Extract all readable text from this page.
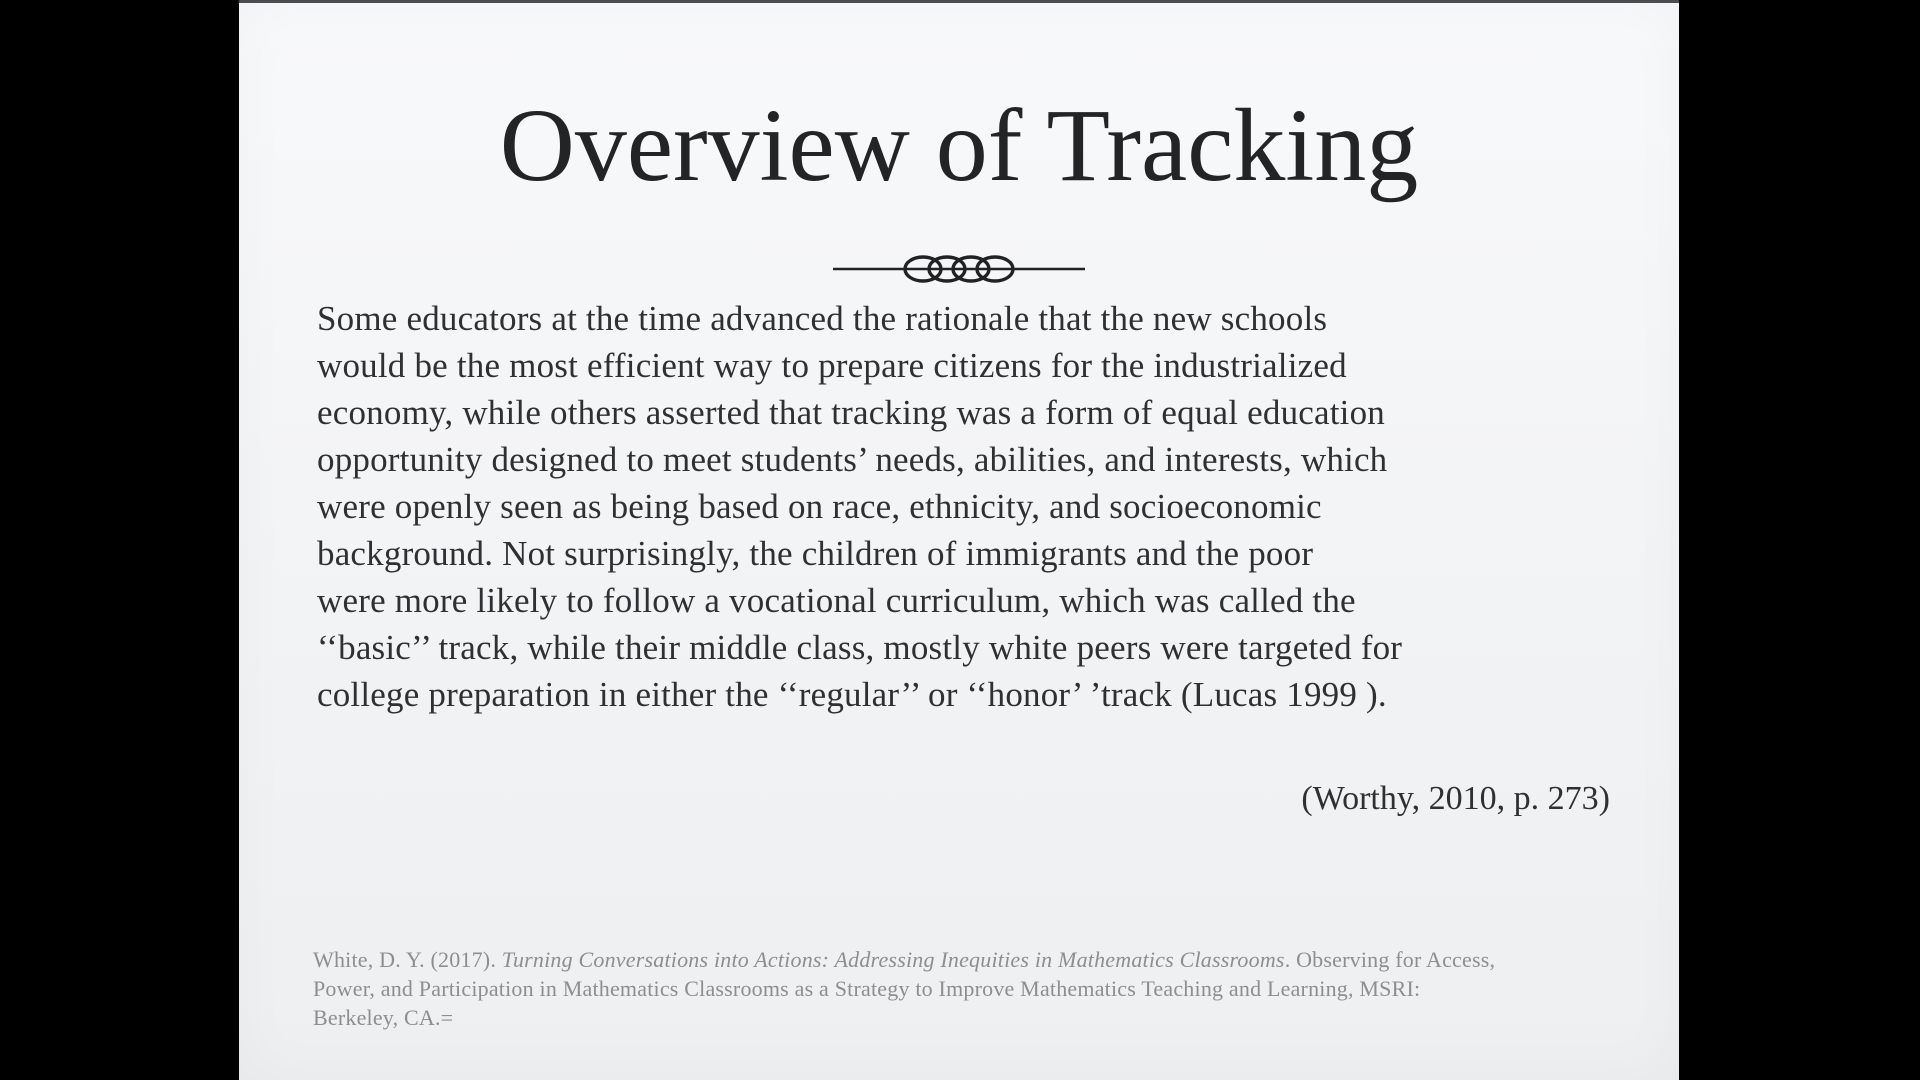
Overview of Tracking
Some educators at the time advanced the rationale that the new schools
would be the most efficient way to prepare citizens for the industrialized
economy, while others asserted that tracking was a form of equal education
opportunity designed to meet students’ needs, abilities, and interests, which
were openly seen as being based on race, ethnicity, and socioeconomic
background. Not surprisingly, the children of immigrants and the poor
were more likely to follow a vocational curriculum, which was called the
‘‘basic’’ track, while their middle class, mostly white peers were targeted for
college preparation in either the ‘‘regular’’ or ‘‘honor’ ’track (Lucas 1999 ).
(Worthy, 2010, p. 273)
White, D. Y. (2017). Turning Conversations into Actions: Addressing Inequities in Mathematics Classrooms. Observing for Access,
Power, and Participation in Mathematics Classrooms as a Strategy to Improve Mathematics Teaching and Learning, MSRI:
Berkeley, CA.=
